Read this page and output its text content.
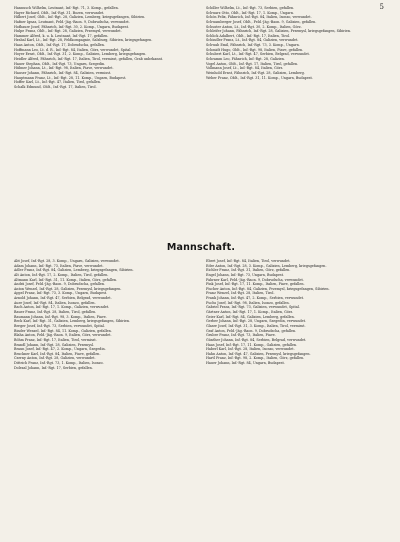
5

Hannusch Wilhelm, Leutnant, Inf.-Rgt. 71, 3. Komp., gefallen.

Hayer Richard, Oblt., Inf.-Rgt. 31, Bozen, verwundet.

Hilbert Josef, Oblt., Inf.-Rgt. 28, Galizien, Lemberg, kriegsgefangen, Sibirien.

Hafner Ignaz, Leutnant, Feld.-Jäg.-Baon. 9, Dobrudscha, verwundet.

Hofbauer Josef, Fähnrich, Inf.-Rgt. 30, 2. Komp., Ungarn, Budapest.

Hulpe Franz, Oblt., Inf.-Rgt. 28, Galizien, Przemysl, verwundet.

Hammer Alfred, k. u. k. Leutnant, Inf.-Rgt. 17, gefallen.

Hrabal Karl, Lt., Inf.-Rgt. 28, Feldkompagnie, Salzburg, Sibirien, kriegsgefangen.

Haas Anton, Oblt., Inf.-Rgt. 17, Dobrudscha, gefallen.

Hoffmann Leo, Lt. d. R., Inf.-Rgt. 84, Italien, Görz, verwundet, Spital.

Hoyer Ernst, Oblt., Inf.-Rgt. 31, 2. Komp., Galizien, Lemberg, kriegsgefangen.

Heidler Alfred, Fähnrich, Inf.-Rgt. 17, Italien, Tirol, vermisst, gefallen, Grab unbekannt.

Hauer Stephan, Oblt., Inf.-Rgt. 73, Ungarn, Szegedin.

Hübner Johann, Lt., Inf.-Rgt. 98, Italien, Piave, verwundet.

Hauser Johann, Fähnrich, Inf.-Rgt. 84, Galizien, vermisst.

Hauptmann Franz, Lt., Inf.-Rgt. 28, 11. Komp., Ungarn, Budapest.

Hoffer Karl, Lt., Inf.-Rgt. 47, Italien, Tirol, gefallen.

Schalk Edmund, Oblt., Inf.-Rgt. 17, Italien, Tirol.

Schiller Wilhelm, Lt., Inf.-Rgt. 73, Serbien, gefallen.

Schwarz Otto, Oblt., Inf.-Rgt. 17, 1. Komp., Ungarn.

Schön Felix, Fähnrich, Inf.-Rgt. 84, Italien, Isonzo, verwundet.

Schwamberger Josef, Oblt., Feld.-Jäg.-Baon. 9, Galizien, gefallen.

Schuster Anton, Lt., Inf.-Rgt. 30, 2. Komp., Italien, Görz.

Schleifer Johann, Fähnrich, Inf.-Rgt. 28, Galizien, Przemysl, kriegsgefangen, Sibirien.

Schlick Adalbert, Oblt., Inf.-Rgt. 17, Italien, Tirol.

Schindler Franz, Lt., Inf.-Rgt. 84, Galizien, verwundet.

Schwab Emil, Fähnrich, Inf.-Rgt. 73, 3. Komp., Ungarn.

Schmidt Hugo, Oblt., Inf.-Rgt. 98, Italien, Piave, gefallen.

Schubert Karl, Lt., Inf.-Rgt. 47, Serbien, Belgrad, verwundet.

Schramm Leo, Fähnrich, Inf.-Rgt. 28, Galizien.

Vogel Anton, Oblt., Inf.-Rgt. 17, Italien, Tirol, gefallen.

Vollmann Josef, Lt., Inf.-Rgt. 84, Italien, Görz.

Weinhold Ernst, Fähnrich, Inf.-Rgt. 28, Galizien, Lemberg.

Weber Franz, Oblt., Inf.-Rgt. 31, 11. Komp., Ungarn, Budapest.

Mannschaft.

Abt Josef, Inf.-Rgt. 28, 3. Komp., Ungarn, Galizien, verwundet.

Adam Johann, Inf.-Rgt. 73, Italien, Piave, verwundet.

Adler Franz, Inf.-Rgt. 84, Galizien, Lemberg, kriegsgefangen, Sibirien.

Alt Anton, Inf.-Rgt. 17, 2. Komp., Italien, Tirol, gefallen.

Altmann Karl, Inf.-Rgt. 31, 11. Komp., Italien, Görz, gefallen.

Andrä Josef, Feld.-Jäg.-Baon. 9, Dobrudscha, gefallen.

Anton Wenzel, Inf.-Rgt. 28, Galizien, Przemysl, kriegsgefangen.

Appel Franz, Inf.-Rgt. 73, 3. Komp., Ungarn, Budapest.

Arnold Johann, Inf.-Rgt. 47, Serbien, Belgrad, verwundet.

Auer Josef, Inf.-Rgt. 84, Italien, Isonzo, gefallen.

Bach Anton, Inf.-Rgt. 17, 1. Komp., Galizien, verwundet.

Bauer Franz, Inf.-Rgt. 28, Italien, Tirol, gefallen.

Baumann Johann, Inf.-Rgt. 98, 3. Komp., Italien, Piave.

Beck Karl, Inf.-Rgt. 31, Galizien, Lemberg, kriegsgefangen, Sibirien.

Berger Josef, Inf.-Rgt. 73, Serbien, verwundet, Spital.

Binder Wenzel, Inf.-Rgt. 84, 11. Komp., Galizien, gefallen.

Blaha Anton, Feld.-Jäg.-Baon. 9, Italien, Görz, verwundet.

Böhm Franz, Inf.-Rgt. 17, Italien, Tirol, vermisst.

Brandl Johann, Inf.-Rgt. 28, Galizien, Przemysl.

Braun Josef, Inf.-Rgt. 47, 2. Komp., Ungarn, Szegedin.

Bruckner Karl, Inf.-Rgt. 84, Italien, Piave, gefallen.

Czerny Anton, Inf.-Rgt. 28, Galizien, verwundet.

Dittrich Franz, Inf.-Rgt. 73, 1. Komp., Italien, Isonzo.

Dolezal Johann, Inf.-Rgt. 17, Serbien, gefallen.

Ebert Josef, Inf.-Rgt. 84, Italien, Tirol, verwundet.

Eder Anton, Inf.-Rgt. 28, 3. Komp., Galizien, Lemberg, kriegsgefangen.

Eichler Franz, Inf.-Rgt. 31, Italien, Görz, gefallen.

Engel Johann, Inf.-Rgt. 73, Ungarn, Budapest.

Fahrner Karl, Feld.-Jäg.-Baon. 9, Dobrudscha, verwundet.

Fink Josef, Inf.-Rgt. 17, 11. Komp., Italien, Piave, gefallen.

Fischer Anton, Inf.-Rgt. 84, Galizien, Przemysl, kriegsgefangen, Sibirien.

Franz Wenzel, Inf.-Rgt. 28, Italien, Tirol.

Frank Johann, Inf.-Rgt. 47, 2. Komp., Serbien, verwundet.

Fuchs Josef, Inf.-Rgt. 98, Italien, Isonzo, gefallen.

Gabriel Franz, Inf.-Rgt. 73, Galizien, verwundet, Spital.

Gärtner Anton, Inf.-Rgt. 17, 1. Komp., Italien, Görz.

Geier Karl, Inf.-Rgt. 84, Galizien, Lemberg, gefallen.

Gerber Johann, Inf.-Rgt. 28, Ungarn, Szegedin, verwundet.

Glaser Josef, Inf.-Rgt. 31, 3. Komp., Italien, Tirol, vermisst.

Graf Anton, Feld.-Jäg.-Baon. 9, Dobrudscha, gefallen.

Gruber Franz, Inf.-Rgt. 73, Italien, Piave.

Günther Johann, Inf.-Rgt. 84, Serbien, Belgrad, verwundet.

Haas Josef, Inf.-Rgt. 17, 11. Komp., Galizien, gefallen.

Haberl Karl, Inf.-Rgt. 28, Italien, Isonzo, verwundet.

Hahn Anton, Inf.-Rgt. 47, Galizien, Przemysl, kriegsgefangen.

Hartl Franz, Inf.-Rgt. 98, 2. Komp., Italien, Görz, gefallen.

Hauer Johann, Inf.-Rgt. 84, Ungarn, Budapest.
